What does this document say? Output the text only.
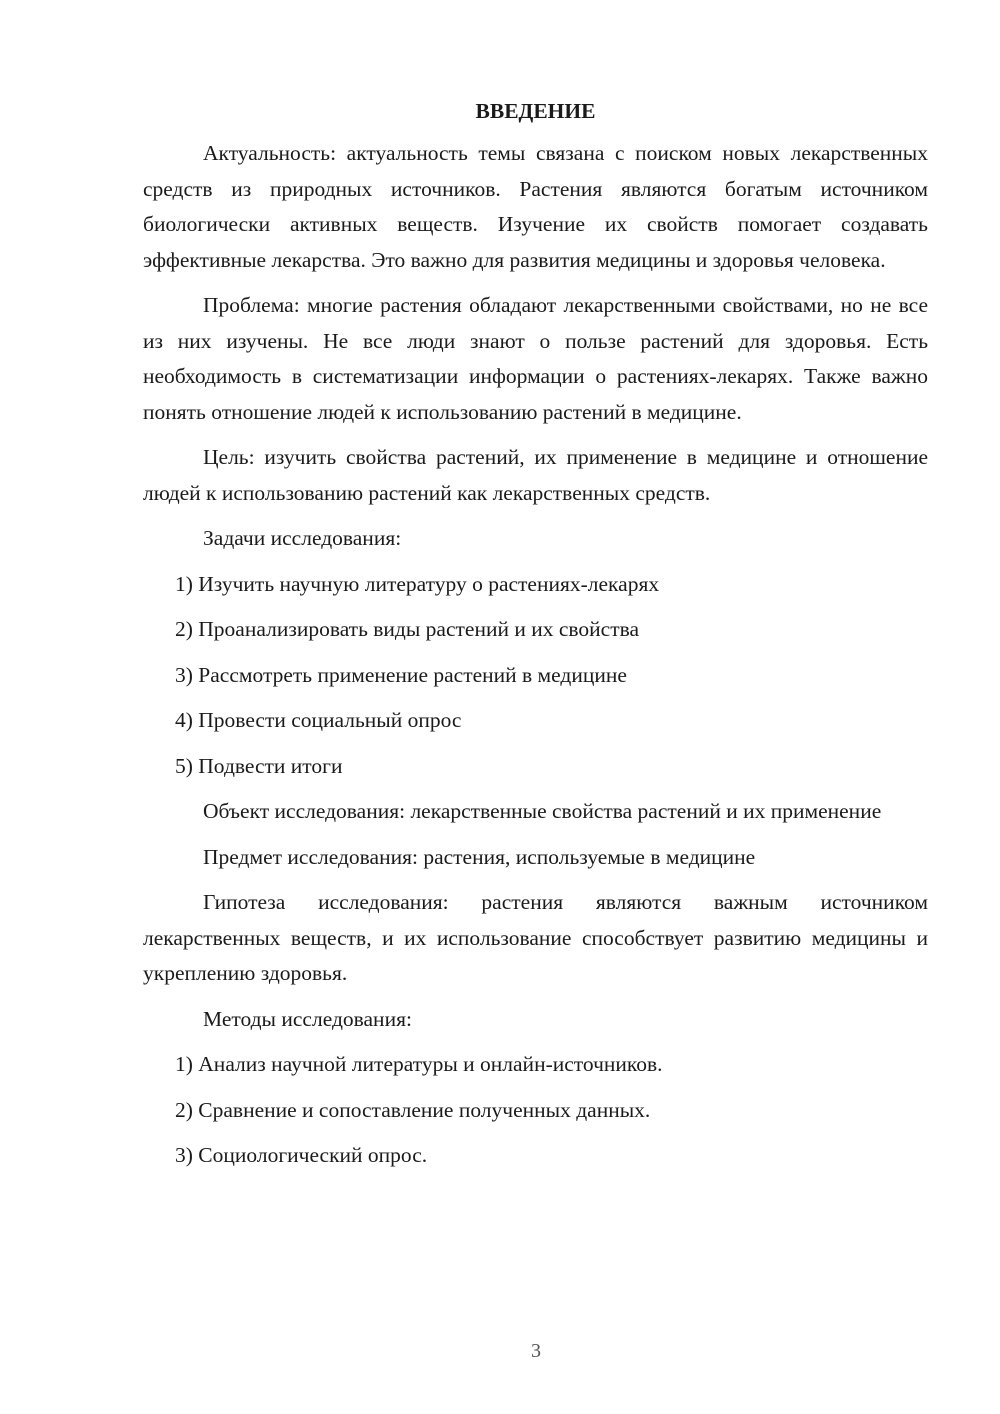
ВВЕДЕНИЕ

Актуальность: актуальность темы связана с поиском новых лекарственных средств из природных источников. Растения являются богатым источником биологически активных веществ. Изучение их свойств помогает создавать эффективные лекарства. Это важно для развития медицины и здоровья человека.

Проблема: многие растения обладают лекарственными свойствами, но не все из них изучены. Не все люди знают о пользе растений для здоровья. Есть необходимость в систематизации информации о растениях-лекарях. Также важно понять отношение людей к использованию растений в медицине.

Цель: изучить свойства растений, их применение в медицине и отношение людей к использованию растений как лекарственных средств.

Задачи исследования:
1) Изучить научную литературу о растениях-лекарях
2) Проанализировать виды растений и их свойства
3) Рассмотреть применение растений в медицине
4) Провести социальный опрос
5) Подвести итоги

Объект исследования: лекарственные свойства растений и их применение

Предмет исследования: растения, используемые в медицине

Гипотеза исследования: растения являются важным источником лекарственных веществ, и их использование способствует развитию медицины и укреплению здоровья.

Методы исследования:
1) Анализ научной литературы и онлайн-источников.
2) Сравнение и сопоставление полученных данных.
3) Социологический опрос.
3
